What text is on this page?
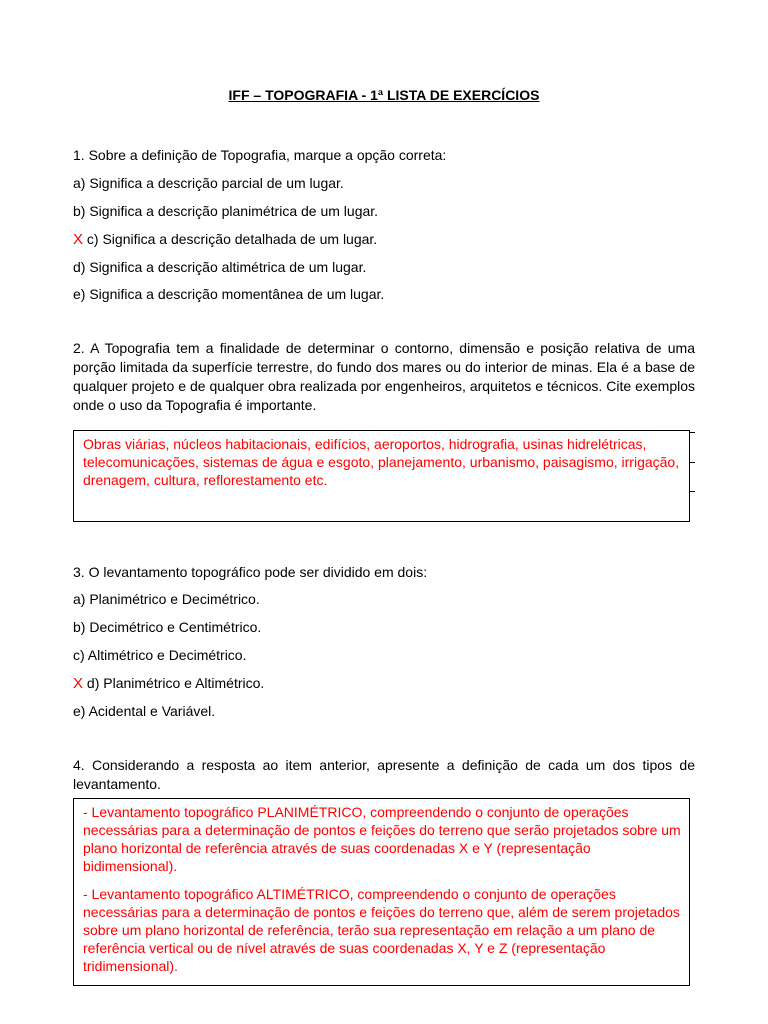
IFF – TOPOGRAFIA - 1ª LISTA DE EXERCÍCIOS
1. Sobre a definição de Topografia, marque a opção correta:
a) Significa a descrição parcial de um lugar.
b) Significa a descrição planimétrica de um lugar.
X c) Significa a descrição detalhada de um lugar.
d) Significa a descrição altimétrica de um lugar.
e) Significa a descrição momentânea de um lugar.
2. A Topografia tem a finalidade de determinar o contorno, dimensão e posição relativa de uma porção limitada da superfície terrestre, do fundo dos mares ou do interior de minas. Ela é a base de qualquer projeto e de qualquer obra realizada por engenheiros, arquitetos e técnicos. Cite exemplos onde o uso da Topografia é importante.
Obras viárias, núcleos habitacionais, edifícios, aeroportos, hidrografia, usinas hidrelétricas, telecomunicações, sistemas de água e esgoto, planejamento, urbanismo, paisagismo, irrigação, drenagem, cultura, reflorestamento etc.
3. O levantamento topográfico pode ser dividido em dois:
a) Planimétrico e Decimétrico.
b) Decimétrico e Centimétrico.
c) Altimétrico e Decimétrico.
X d) Planimétrico e Altimétrico.
e) Acidental e Variável.
4. Considerando a resposta ao item anterior, apresente a definição de cada um dos tipos de levantamento.
- Levantamento topográfico PLANIMÉTRICO, compreendendo o conjunto de operações necessárias para a determinação de pontos e feições do terreno que serão projetados sobre um plano horizontal de referência através de suas coordenadas X e Y (representação bidimensional).
- Levantamento topográfico ALTIMÉTRICO, compreendendo o conjunto de operações necessárias para a determinação de pontos e feições do terreno que, além de serem projetados sobre um plano horizontal de referência, terão sua representação em relação a um plano de referência vertical ou de nível através de suas coordenadas X, Y e Z (representação tridimensional).
